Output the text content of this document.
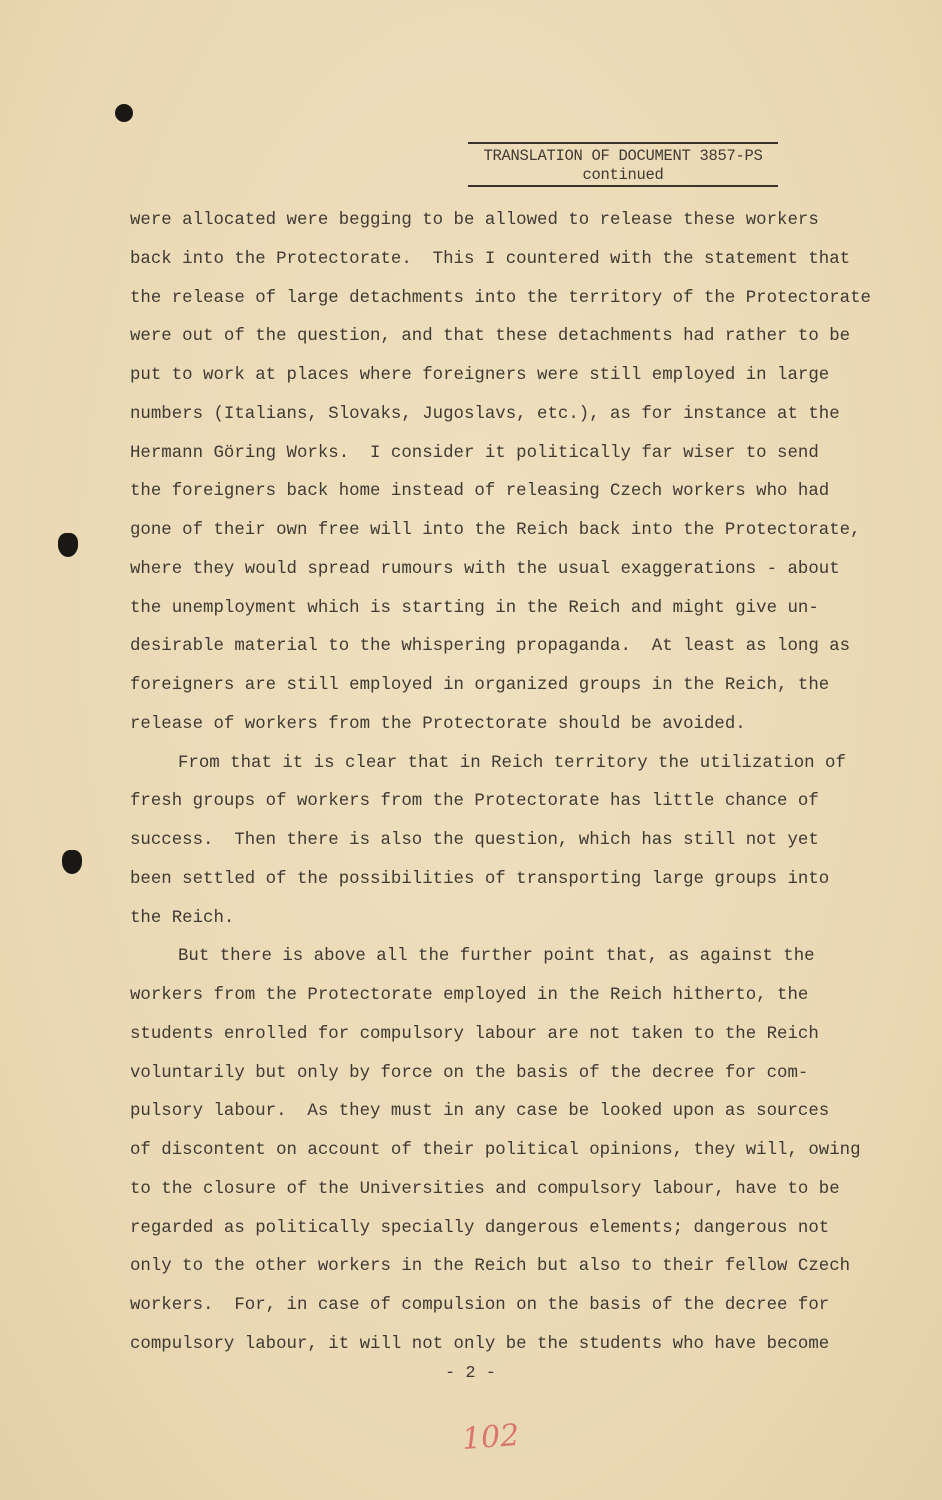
TRANSLATION OF DOCUMENT 3857-PS
continued
were allocated were begging to be allowed to release these workers
back into the Protectorate.  This I countered with the statement that
the release of large detachments into the territory of the Protectorate
were out of the question, and that these detachments had rather to be
put to work at places where foreigners were still employed in large
numbers (Italians, Slovaks, Jugoslavs, etc.), as for instance at the
Hermann Göring Works.  I consider it politically far wiser to send
the foreigners back home instead of releasing Czech workers who had
gone of their own free will into the Reich back into the Protectorate,
where they would spread rumours with the usual exaggerations - about
the unemployment which is starting in the Reich and might give un-
desirable material to the whispering propaganda.  At least as long as
foreigners are still employed in organized groups in the Reich, the
release of workers from the Protectorate should be avoided.
From that it is clear that in Reich territory the utilization of
fresh groups of workers from the Protectorate has little chance of
success.  Then there is also the question, which has still not yet
been settled of the possibilities of transporting large groups into
the Reich.
But there is above all the further point that, as against the
workers from the Protectorate employed in the Reich hitherto, the
students enrolled for compulsory labour are not taken to the Reich
voluntarily but only by force on the basis of the decree for com-
pulsory labour.  As they must in any case be looked upon as sources
of discontent on account of their political opinions, they will, owing
to the closure of the Universities and compulsory labour, have to be
regarded as politically specially dangerous elements; dangerous not
only to the other workers in the Reich but also to their fellow Czech
workers.  For, in case of compulsion on the basis of the decree for
compulsory labour, it will not only be the students who have become
- 2 -
102
